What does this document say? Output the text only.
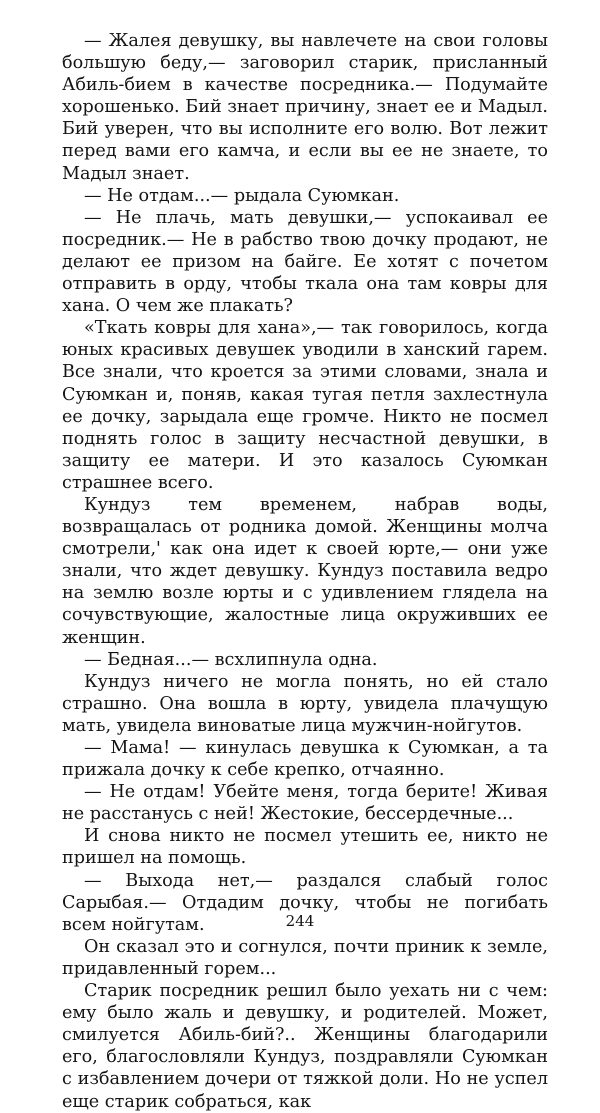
— Жалея девушку, вы навлечете на свои головы большую беду,— заговорил старик, присланный Абиль-бием в качестве посредника.— Подумайте хорошенько. Бий знает причину, знает ее и Мадыл. Бий уверен, что вы исполните его волю. Вот лежит перед вами его камча, и если вы ее не знаете, то Мадыл знает.

— Не отдам...— рыдала Суюмкан.

— Не плачь, мать девушки,— успокаивал ее посредник.— Не в рабство твою дочку продают, не делают ее призом на байге. Ее хотят с почетом отправить в орду, чтобы ткала она там ковры для хана. О чем же плакать?

«Ткать ковры для хана»,— так говорилось, когда юных красивых девушек уводили в ханский гарем. Все знали, что кроется за этими словами, знала и Суюмкан и, поняв, какая тугая петля захлестнула ее дочку, зарыдала еще громче. Никто не посмел поднять голос в защиту несчастной девушки, в защиту ее матери. И это казалось Суюмкан страшнее всего.

Кундуз тем временем, набрав воды, возвращалась от родника домой. Женщины молча смотрели,' как она идет к своей юрте,— они уже знали, что ждет девушку. Кундуз поставила ведро на землю возле юрты и с удивлением глядела на сочувствующие, жалостные лица окруживших ее женщин.

— Бедная...— всхлипнула одна.

Кундуз ничего не могла понять, но ей стало страшно. Она вошла в юрту, увидела плачущую мать, увидела виноватые лица мужчин-нойгутов.

— Мама! — кинулась девушка к Суюмкан, а та прижала дочку к себе крепко, отчаянно.

— Не отдам! Убейте меня, тогда берите! Живая не расстанусь с ней! Жестокие, бессердечные...

И снова никто не посмел утешить ее, никто не пришел на помощь.

— Выхода нет,— раздался слабый голос Сарыбая.— Отдадим дочку, чтобы не погибать всем нойгутам.

Он сказал это и согнулся, почти приник к земле, придавленный горем...

Старик посредник решил было уехать ни с чем: ему было жаль и девушку, и родителей. Может, смилуется Абиль-бий?.. Женщины благодарили его, благословляли Кундуз, поздравляли Суюмкан с избавлением дочери от тяжкой доли. Но не успел еще старик собраться, как

244
